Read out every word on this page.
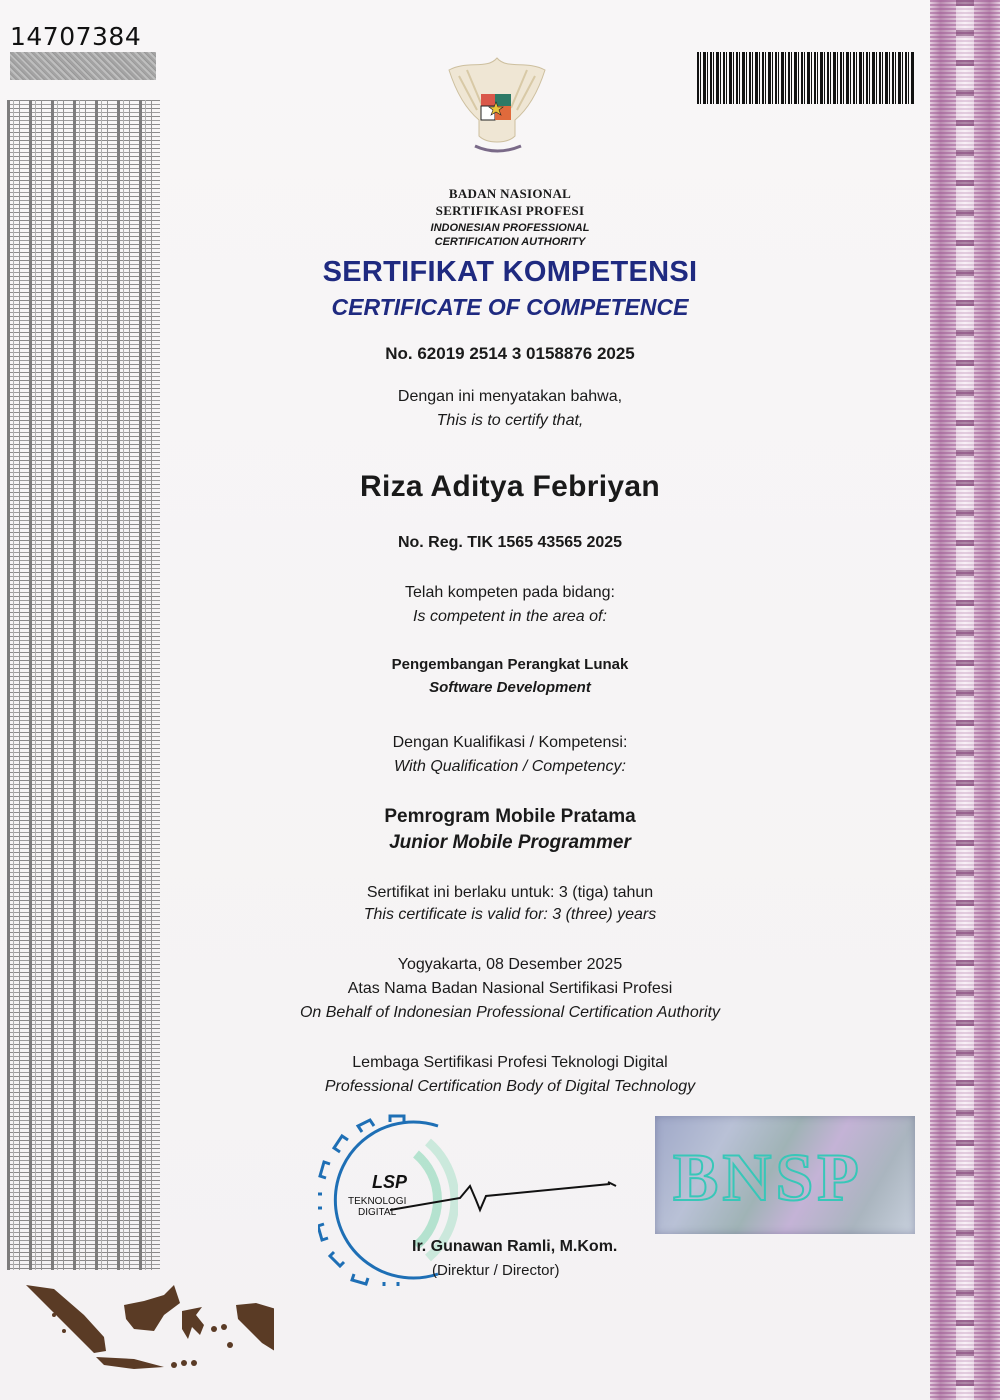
14707384
BADAN NASIONAL
SERTIFIKASI PROFESI
INDONESIAN PROFESSIONAL
CERTIFICATION AUTHORITY
SERTIFIKAT KOMPETENSI
CERTIFICATE OF COMPETENCE
No. 62019 2514 3 0158876 2025
Dengan ini menyatakan bahwa,
This is to certify that,
Riza Aditya Febriyan
No. Reg. TIK 1565 43565 2025
Telah kompeten pada bidang:
Is competent in the area of:
Pengembangan Perangkat Lunak
Software Development
Dengan Kualifikasi / Kompetensi:
With Qualification / Competency:
Pemrogram Mobile Pratama
Junior Mobile Programmer
Sertifikat ini berlaku untuk: 3 (tiga) tahun
This certificate is valid for: 3 (three) years
Yogyakarta, 08 Desember 2025
Atas Nama Badan Nasional Sertifikasi Profesi
On Behalf of Indonesian Professional Certification Authority
Lembaga Sertifikasi Profesi Teknologi Digital
Professional Certification Body of Digital Technology
LSP
TEKNOLOGI
DIGITAL
Ir. Gunawan Ramli, M.Kom.
(Direktur / Director)
BNSP
